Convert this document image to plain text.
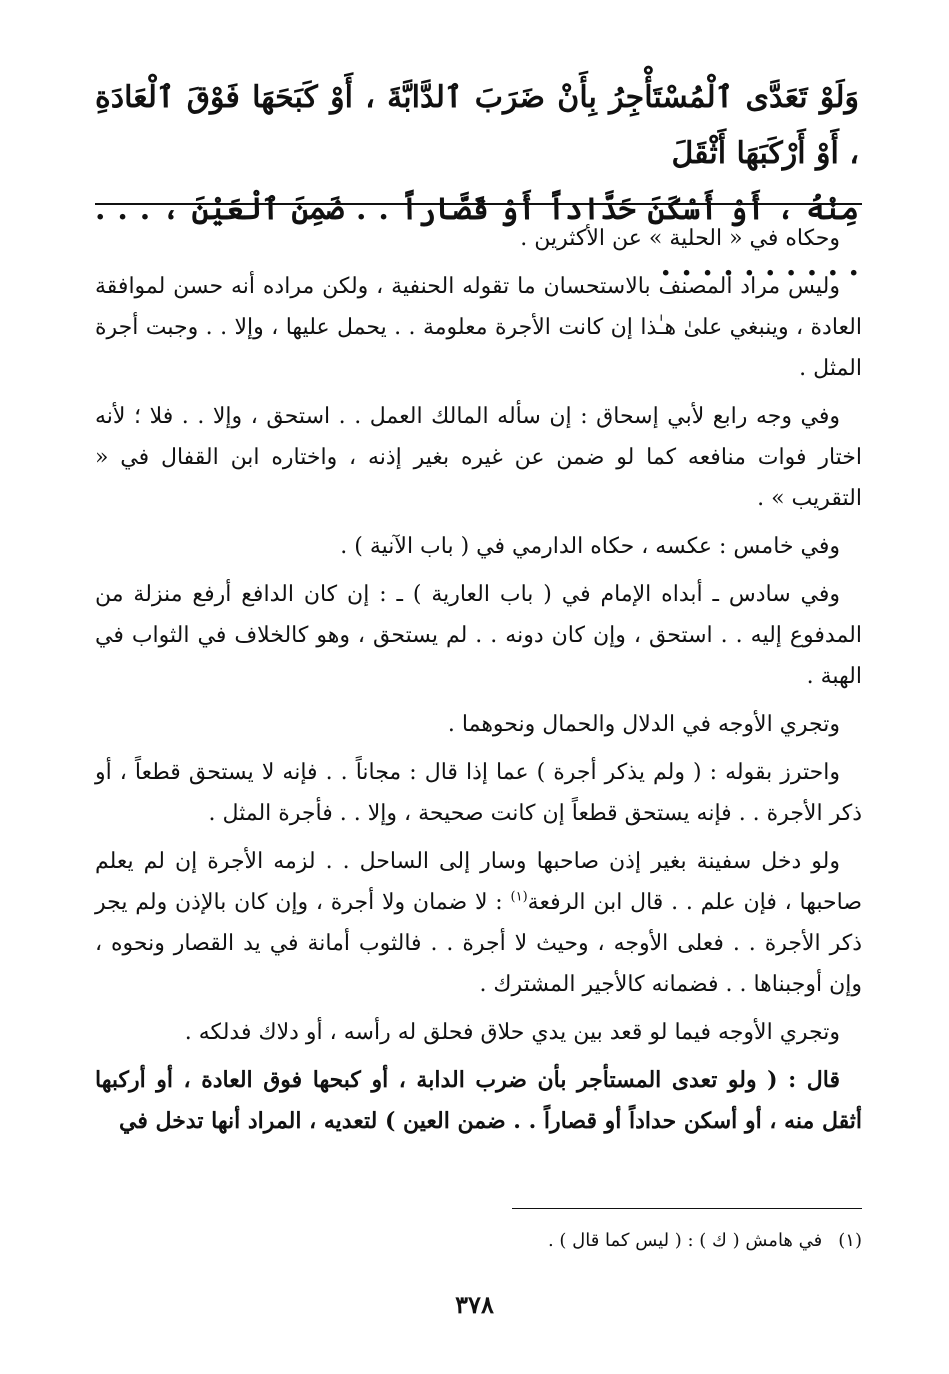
وَلَوْ تَعَدَّى ٱلْمُسْتَأْجِرُ بِأَنْ ضَرَبَ ٱلدَّابَّةَ ، أَوْ كَبَحَهَا فَوْقَ ٱلْعَادَةِ ، أَوْ أَرْكَبَهَا أَثْقَلَ

مِنْهُ ، أَوْ أَسْكَنَ حَدَّاداً أَوْ قَصَّاراً . . ضَمِنَ ٱلْعَيْنَ ، . . . . . . . . . . . . .

وحكاه في « الحلية » عن الأكثرين .

وليس مراد المصنف بالاستحسان ما تقوله الحنفية ، ولكن مراده أنه حسن لموافقة العادة ، وينبغي علىٰ هـٰذا إن كانت الأجرة معلومة . . يحمل عليها ، وإلا . . وجبت أجرة المثل .

وفي وجه رابع لأبي إسحاق : إن سأله المالك العمل . . استحق ، وإلا . . فلا ؛ لأنه اختار فوات منافعه كما لو ضمن عن غيره بغير إذنه ، واختاره ابن القفال في « التقريب » .

وفي خامس : عكسه ، حكاه الدارمي في ( باب الآنية ) .

وفي سادس ـ أبداه الإمام في ( باب العارية ) ـ : إن كان الدافع أرفع منزلة من المدفوع إليه . . استحق ، وإن كان دونه . . لم يستحق ، وهو كالخلاف في الثواب في الهبة .

وتجري الأوجه في الدلال والحمال ونحوهما .

واحترز بقوله : ( ولم يذكر أجرة ) عما إذا قال : مجاناً . . فإنه لا يستحق قطعاً ، أو ذكر الأجرة . . فإنه يستحق قطعاً إن كانت صحيحة ، وإلا . . فأجرة المثل .

ولو دخل سفينة بغير إذن صاحبها وسار إلى الساحل . . لزمه الأجرة إن لم يعلم صاحبها ، فإن علم . . قال ابن الرفعة$^{(١)}$ : لا ضمان ولا أجرة ، وإن كان بالإذن ولم يجر ذكر الأجرة . . فعلى الأوجه ، وحيث لا أجرة . . فالثوب أمانة في يد القصار ونحوه ، وإن أوجبناها . . فضمانه كالأجير المشترك .

وتجري الأوجه فيما لو قعد بين يدي حلاق فحلق له رأسه ، أو دلاك فدلكه .

قال : ( ولو تعدى المستأجر بأن ضرب الدابة ، أو كبحها فوق العادة ، أو أركبها أثقل منه ، أو أسكن حداداً أو قصاراً . . ضمن العين ) لتعديه ، المراد أنها تدخل في

(١)في هامش ( ك ) : ( ليس كما قال ) .
٣٧٨
